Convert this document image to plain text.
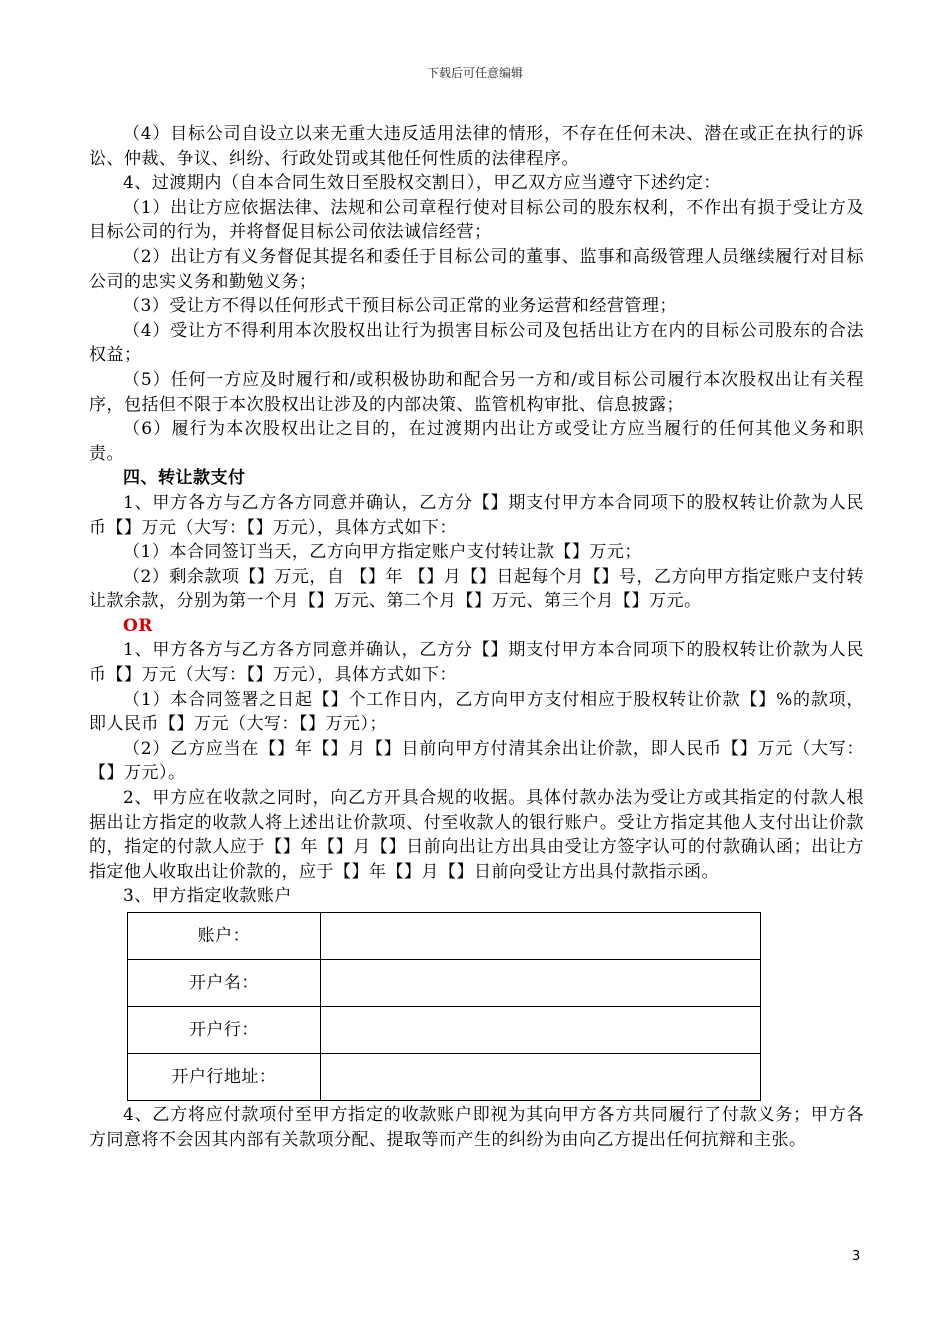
下载后可任意编辑

（4）目标公司自设立以来无重大违反适用法律的情形，不存在任何未决、潜在或正在执行的诉讼、仲裁、争议、纠纷、行政处罚或其他任何性质的法律程序。

4、过渡期内（自本合同生效日至股权交割日），甲乙双方应当遵守下述约定：

（1）出让方应依据法律、法规和公司章程行使对目标公司的股东权利，不作出有损于受让方及目标公司的行为，并将督促目标公司依法诚信经营；

（2）出让方有义务督促其提名和委任于目标公司的董事、监事和高级管理人员继续履行对目标公司的忠实义务和勤勉义务；

（3）受让方不得以任何形式干预目标公司正常的业务运营和经营管理；

（4）受让方不得利用本次股权出让行为损害目标公司及包括出让方在内的目标公司股东的合法权益；

（5）任何一方应及时履行和/或积极协助和配合另一方和/或目标公司履行本次股权出让有关程序，包括但不限于本次股权出让涉及的内部决策、监管机构审批、信息披露；

（6）履行为本次股权出让之目的，在过渡期内出让方或受让方应当履行的任何其他义务和职责。

四、转让款支付

1、甲方各方与乙方各方同意并确认，乙方分【】期支付甲方本合同项下的股权转让价款为人民币【】万元（大写：【】万元），具体方式如下：

（1）本合同签订当天，乙方向甲方指定账户支付转让款【】万元；

（2）剩余款项【】万元，自 【】年 【】月【】日起每个月【】号，乙方向甲方指定账户支付转让款余款，分别为第一个月【】万元、第二个月【】万元、第三个月【】万元。

OR

1、甲方各方与乙方各方同意并确认，乙方分【】期支付甲方本合同项下的股权转让价款为人民币【】万元（大写：【】万元），具体方式如下：

（1）本合同签署之日起【】个工作日内，乙方向甲方支付相应于股权转让价款【】%的款项，即人民币【】万元（大写：【】万元）；

（2）乙方应当在【】年【】月【】日前向甲方付清其余出让价款，即人民币【】万元（大写：【】万元）。

2、甲方应在收款之同时，向乙方开具合规的收据。具体付款办法为受让方或其指定的付款人根据出让方指定的收款人将上述出让价款项、付至收款人的银行账户。受让方指定其他人支付出让价款的，指定的付款人应于【】年【】月【】日前向出让方出具由受让方签字认可的付款确认函；出让方指定他人收取出让价款的，应于【】年【】月【】日前向受让方出具付款指示函。

3、甲方指定收款账户

账户：	
开户名：	
开户行：	
开户行地址：	

4、乙方将应付款项付至甲方指定的收款账户即视为其向甲方各方共同履行了付款义务；甲方各方同意将不会因其内部有关款项分配、提取等而产生的纠纷为由向乙方提出任何抗辩和主张。

3
